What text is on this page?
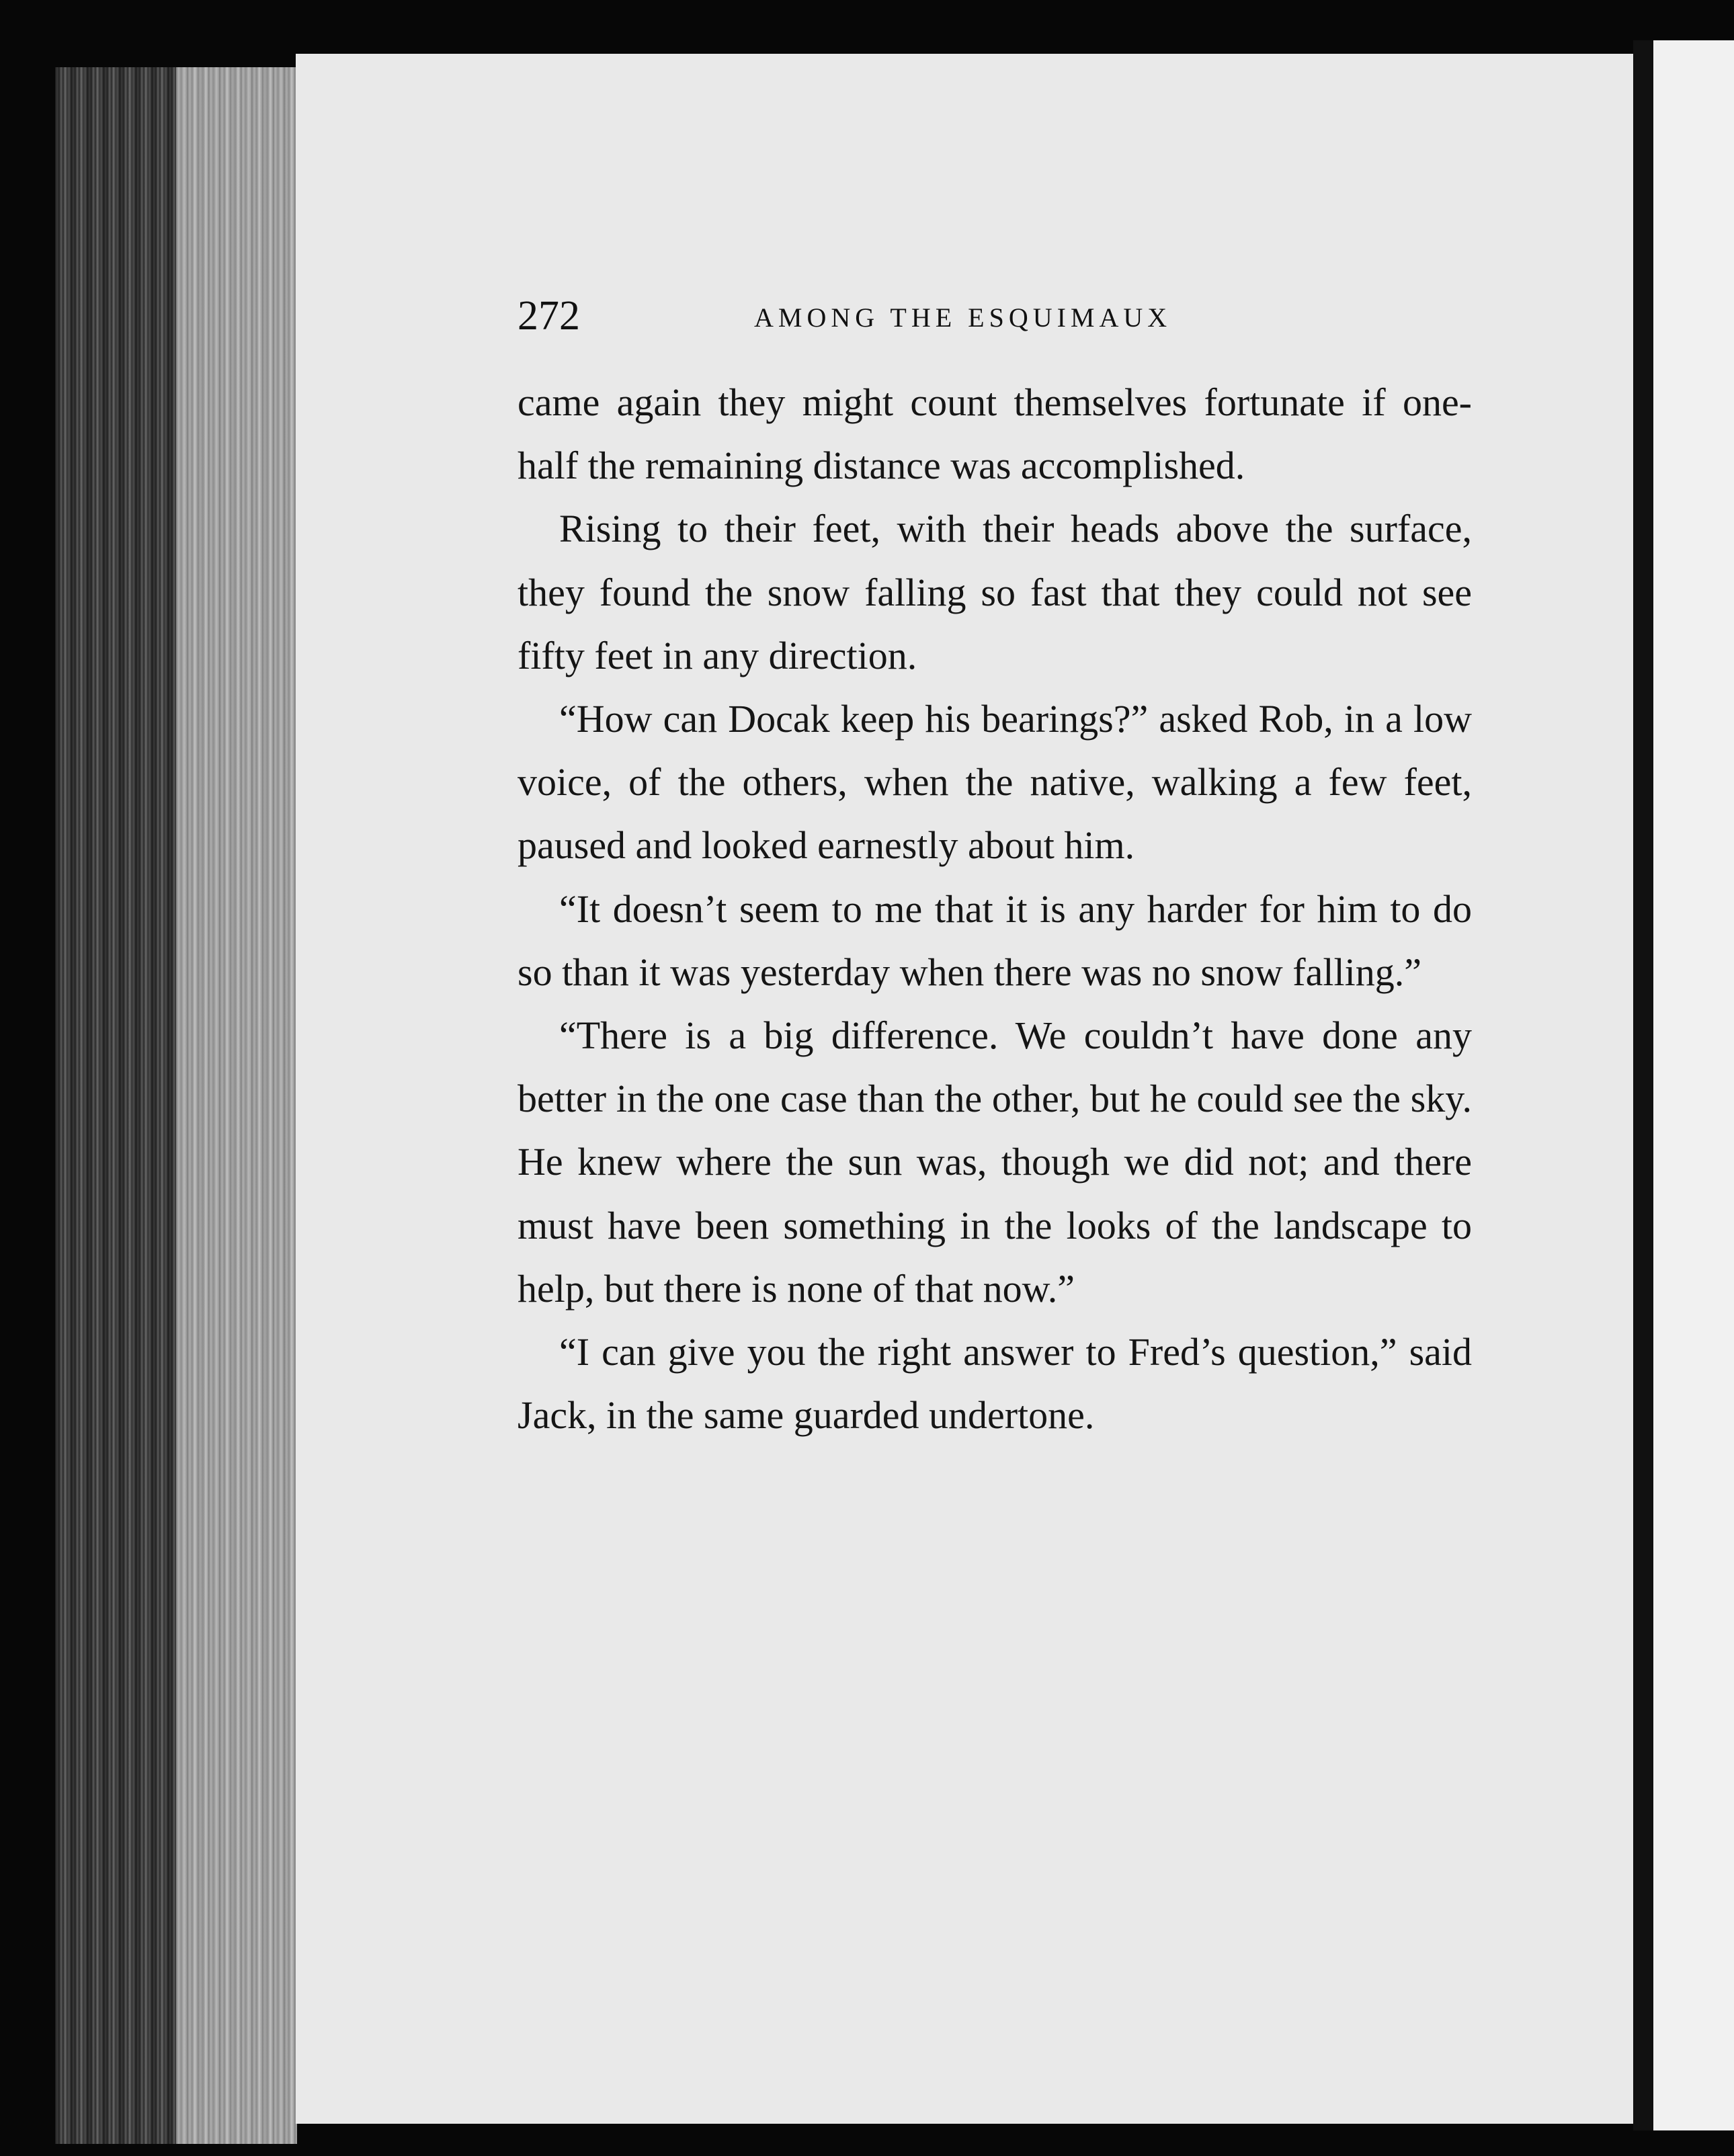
272	AMONG THE ESQUIMAUX

came again they might count themselves fortunate if one-half the remaining distance was accomplished.

Rising to their feet, with their heads above the surface, they found the snow falling so fast that they could not see fifty feet in any direction.

“How can Docak keep his bearings?” asked Rob, in a low voice, of the others, when the native, walking a few feet, paused and looked earnestly about him.

“It doesn’t seem to me that it is any harder for him to do so than it was yesterday when there was no snow falling.”

“There is a big difference. We couldn’t have done any better in the one case than the other, but he could see the sky. He knew where the sun was, though we did not; and there must have been something in the looks of the landscape to help, but there is none of that now.”

“I can give you the right answer to Fred’s question,” said Jack, in the same guarded undertone.
